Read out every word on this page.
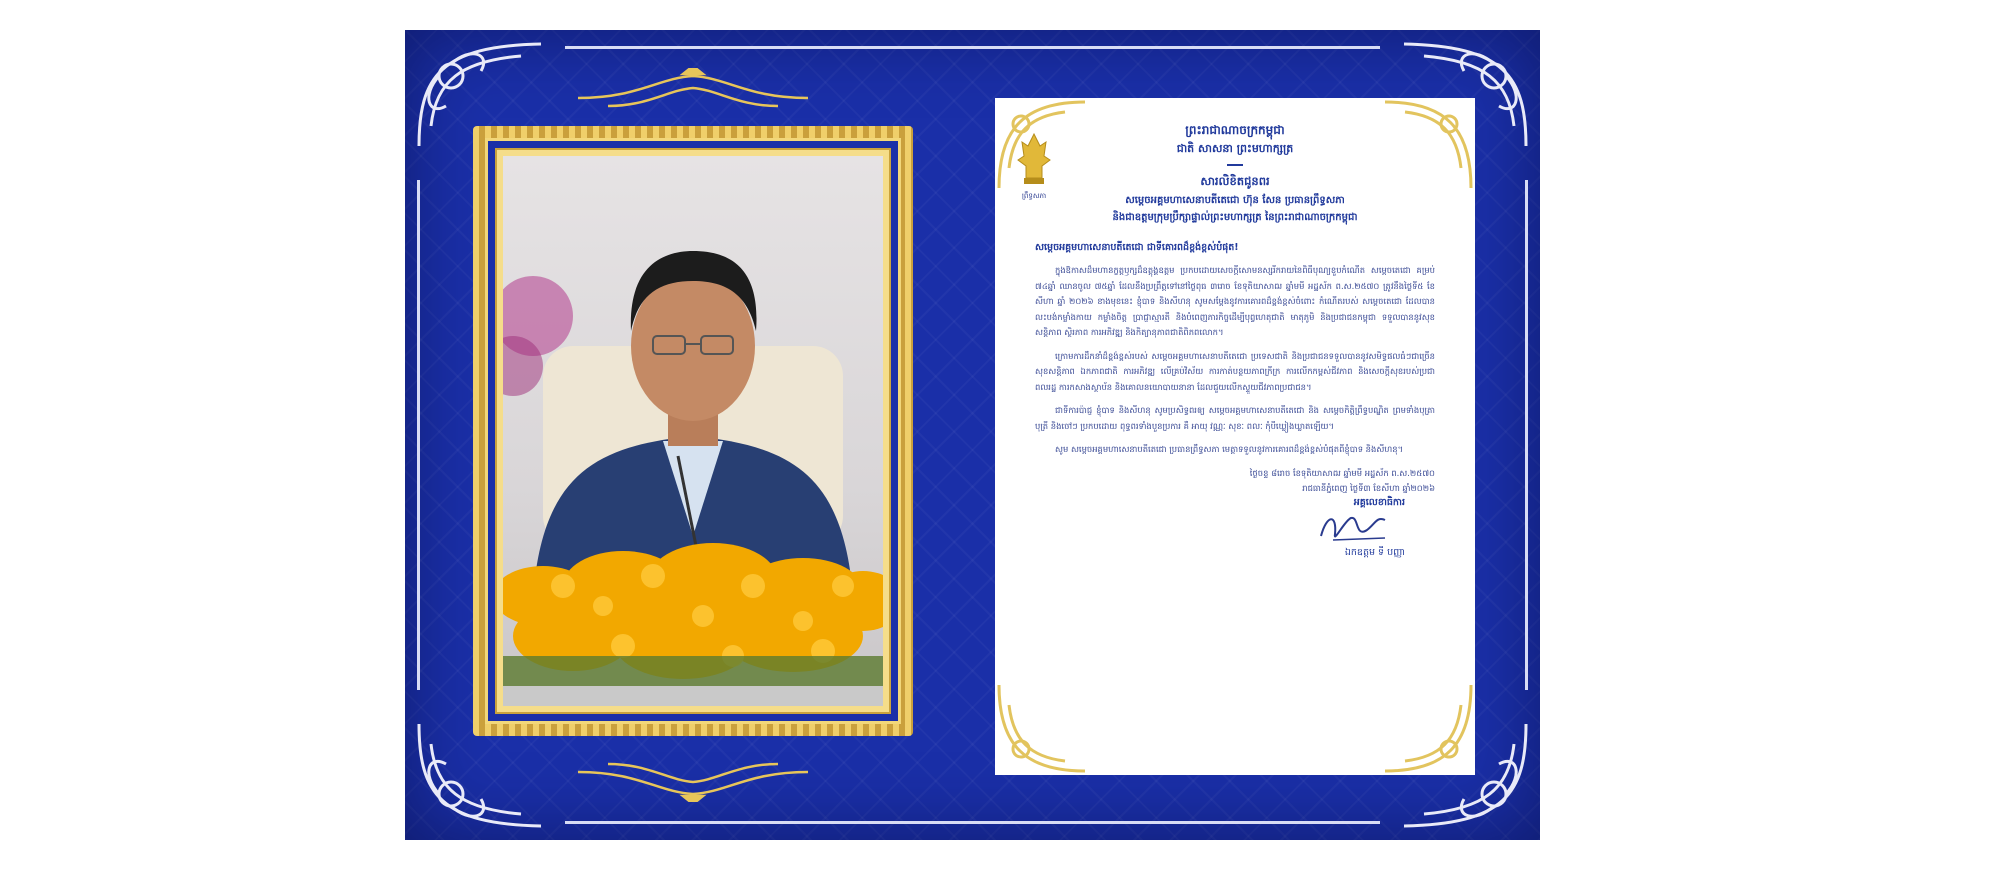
ព្រឹទ្ធសភា
ព្រះរាជាណាចក្រកម្ពុជា
ជាតិ សាសនា ព្រះមហាក្សត្រ
សារលិខិតជូនពរ
សម្តេចអគ្គមហាសេនាបតីតេជោ ហ៊ុន សែន ប្រធានព្រឹទ្ធសភា
និងជាឧត្តមក្រុមប្រឹក្សាផ្ទាល់ព្រះមហាក្សត្រ នៃព្រះរាជាណាចក្រកម្ពុជា
សម្តេចអគ្គមហាសេនាបតីតេជោ ជាទីគោរពដ៏ខ្ពង់ខ្ពស់បំផុត!

ក្នុងឱកាសដ៏មហានក្ខត្តឫក្សដ៏ឧត្តុង្គឧត្តម ប្រកបដោយសេចក្តីសោមនស្សរីករាយនៃពិធីបុណ្យខួបកំណើត សម្តេចតេជោ គម្រប់ ៧៤ឆ្នាំ ឈានចូល ៧៥ឆ្នាំ ដែលនឹងប្រព្រឹត្តទៅនៅថ្ងៃពុធ ៣រោច ខែទុតិយាសាឍ ឆ្នាំមមី អដ្ឋស័ក ព.ស.២៥៧០ ត្រូវនឹងថ្ងៃទី៥ ខែ សីហា ឆ្នាំ ២០២៦ ខាងមុខនេះ ខ្ញុំបាទ និងសីហនុ សូមសម្តែងនូវការគោរពដ៏ខ្ពង់ខ្ពស់ចំពោះ កំណើតរបស់ សម្តេចតេជោ ដែលបានលះបង់កម្លាំងកាយ កម្លាំងចិត្ត ប្រាជ្ញាស្មារតី និងបំពេញភារកិច្ចដើម្បីបុព្វហេតុជាតិ មាតុភូមិ និងប្រជាជនកម្ពុជា ទទួលបាននូវសុខសន្តិភាព ស្ថិរភាព ការអភិវឌ្ឍ និងកិត្យានុភាពជាតិពិភពលោក។

ក្រោមការដឹកនាំដ៏ខ្ពង់ខ្ពស់របស់ សម្តេចអគ្គមហាសេនាបតីតេជោ ប្រទេសជាតិ និងប្រជាជនទទួលបាននូវសមិទ្ធផលធំៗជាច្រើន សុខសន្តិភាព ឯកភាពជាតិ ការអភិវឌ្ឍ លើគ្រប់វិស័យ ការកាត់បន្ថយភាពក្រីក្រ ការលើកកម្ពស់ជីវភាព និងសេចក្តីសុខរបស់ប្រជាពលរដ្ឋ ការកសាងស្ថាប័ន និងគោលនយោបាយនានា ដែលជួយលើកស្ទួយជីវភាពប្រជាជន។

ជាទីការប៉ាជ្ញ ខ្ញុំបាទ និងសីហនុ សូមប្រសិទ្ធពរឲ្យ សម្តេចអគ្គមហាសេនាបតីតេជោ និង សម្តេចកិត្តិព្រឹទ្ធបណ្ឌិត ព្រមទាំងបុត្រា បុត្រី និងចៅៗ ប្រកបដោយ ពុទ្ធពរទាំងបួនប្រការ គឺ អាយុ វណ្ណៈ សុខៈ ពលៈ កុំបីឃ្លៀងឃ្លាតឡើយ។

សូម សម្តេចអគ្គមហាសេនាបតីតេជោ ប្រធានព្រឹទ្ធសភា មេត្តាទទួលនូវការគោរពដ៏ខ្ពង់ខ្ពស់បំផុតពីខ្ញុំបាទ និងសីហនុ។

ថ្ងៃចន្ទ ៨រោច ខែទុតិយាសាឍ ឆ្នាំមមី អដ្ឋស័ក ព.ស.២៥៧០
រាជធានីភ្នំពេញ ថ្ងៃទី៣ ខែសីហា ឆ្នាំ២០២៦
អគ្គលេខាធិការ
ឯកឧត្តម ទី បញ្ញា
